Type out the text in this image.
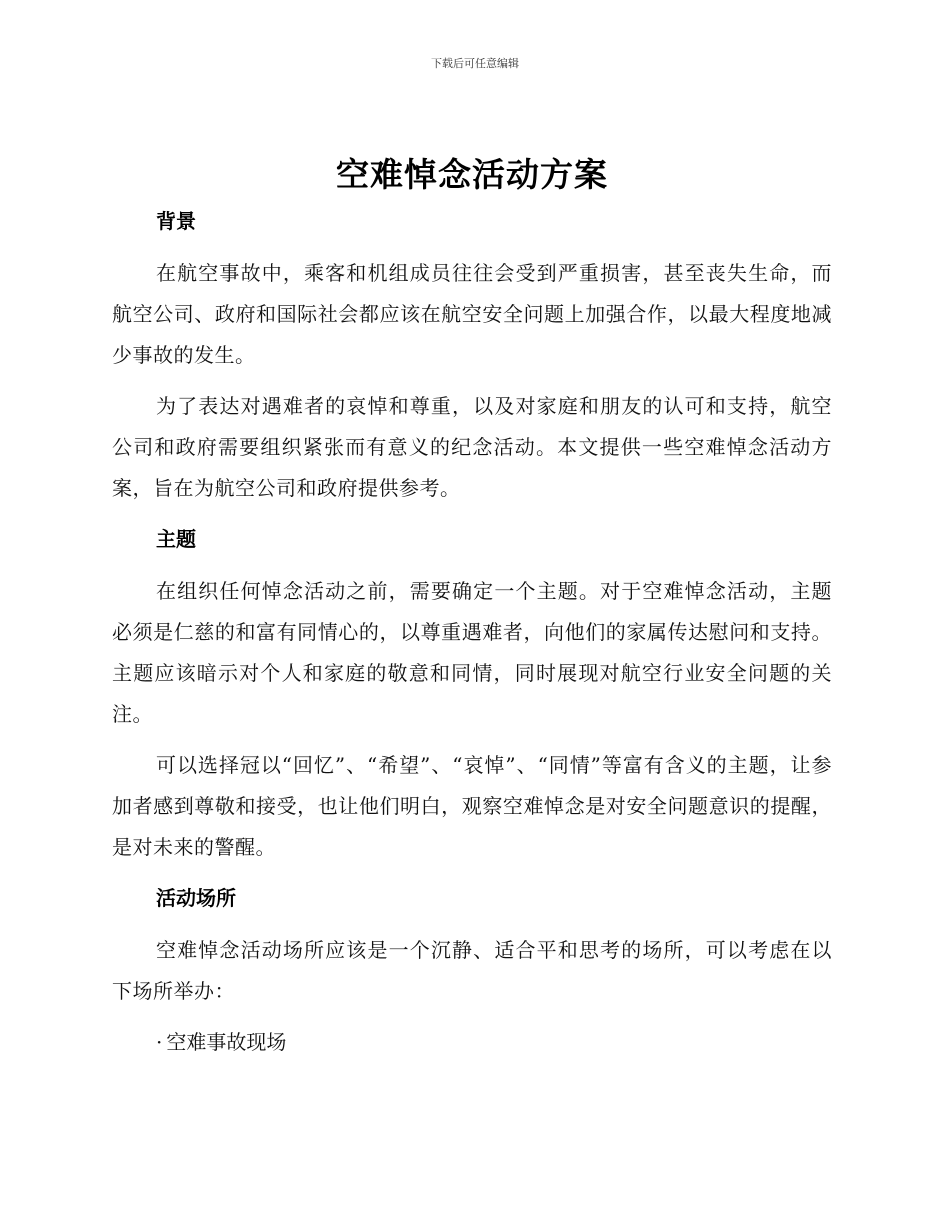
下载后可任意编辑
空难悼念活动方案
背景

在航空事故中，乘客和机组成员往往会受到严重损害，甚至丧失生命，而航空公司、政府和国际社会都应该在航空安全问题上加强合作，以最大程度地减少事故的发生。

为了表达对遇难者的哀悼和尊重，以及对家庭和朋友的认可和支持，航空公司和政府需要组织紧张而有意义的纪念活动。本文提供一些空难悼念活动方案，旨在为航空公司和政府提供参考。

主题

在组织任何悼念活动之前，需要确定一个主题。对于空难悼念活动，主题必须是仁慈的和富有同情心的，以尊重遇难者，向他们的家属传达慰问和支持。主题应该暗示对个人和家庭的敬意和同情，同时展现对航空行业安全问题的关注。

可以选择冠以“回忆”、“希望”、“哀悼”、“同情”等富有含义的主题，让参加者感到尊敬和接受，也让他们明白，观察空难悼念是对安全问题意识的提醒，是对未来的警醒。

活动场所

空难悼念活动场所应该是一个沉静、适合平和思考的场所，可以考虑在以下场所举办：

· 空难事故现场
